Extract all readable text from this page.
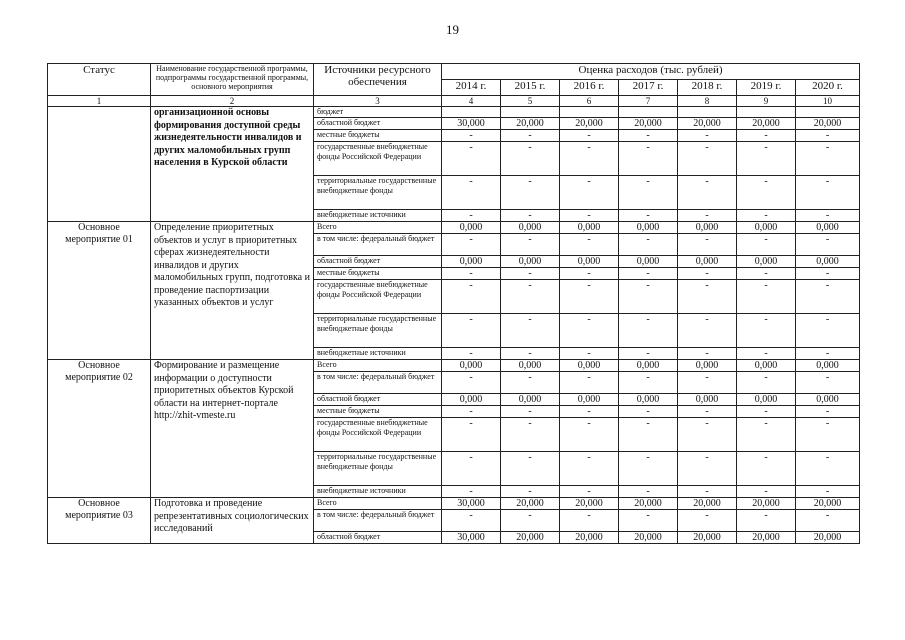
19
Статус	Наименование государственной программы, подпрограммы государственной программы, основного мероприятия	Источники ресурсного обеспечения	Оценка расходов (тыс. рублей)						
			2014 г.	2015 г.	2016 г.	2017 г.	2018 г.	2019 г.	2020 г.
1	2	3	4	5	6	7	8	9	10
	организационной основы формирования доступной среды жизнедеятельности инвалидов и других маломобильных групп населения в Курской области	бюджет							
		областной бюджет	30,000	20,000	20,000	20,000	20,000	20,000	20,000
		местные бюджеты	-	-	-	-	-	-	-
		государственные внебюджетные фонды Российской Федерации	-	-	-	-	-	-	-
		территориальные государственные внебюджетные фонды	-	-	-	-	-	-	-
		внебюджетные источники	-	-	-	-	-	-	-
Основное мероприятие 01	Определение приоритетных объектов и услуг в приоритетных сферах жизнедеятельности инвалидов и других маломобильных групп, подготовка и проведение паспортизации указанных объектов и услуг	Всего	0,000	0,000	0,000	0,000	0,000	0,000	0,000
		в том числе: федеральный бюджет	-	-	-	-	-	-	-
		областной бюджет	0,000	0,000	0,000	0,000	0,000	0,000	0,000
		местные бюджеты	-	-	-	-	-	-	-
		государственные внебюджетные фонды Российской Федерации	-	-	-	-	-	-	-
		территориальные государственные внебюджетные фонды	-	-	-	-	-	-	-
		внебюджетные источники	-	-	-	-	-	-	-
Основное мероприятие 02	Формирование и размещение информации о доступности приоритетных объектов Курской области на интернет-портале http://zhit-vmeste.ru	Всего	0,000	0,000	0,000	0,000	0,000	0,000	0,000
		в том числе: федеральный бюджет	-	-	-	-	-	-	-
		областной бюджет	0,000	0,000	0,000	0,000	0,000	0,000	0,000
		местные бюджеты	-	-	-	-	-	-	-
		государственные внебюджетные фонды Российской Федерации	-	-	-	-	-	-	-
		территориальные государственные внебюджетные фонды	-	-	-	-	-	-	-
		внебюджетные источники	-	-	-	-	-	-	-
Основное мероприятие 03	Подготовка и проведение репрезентативных социологических исследований	Всего	30,000	20,000	20,000	20,000	20,000	20,000	20,000
		в том числе: федеральный бюджет	-	-	-	-	-	-	-
		областной бюджет	30,000	20,000	20,000	20,000	20,000	20,000	20,000
